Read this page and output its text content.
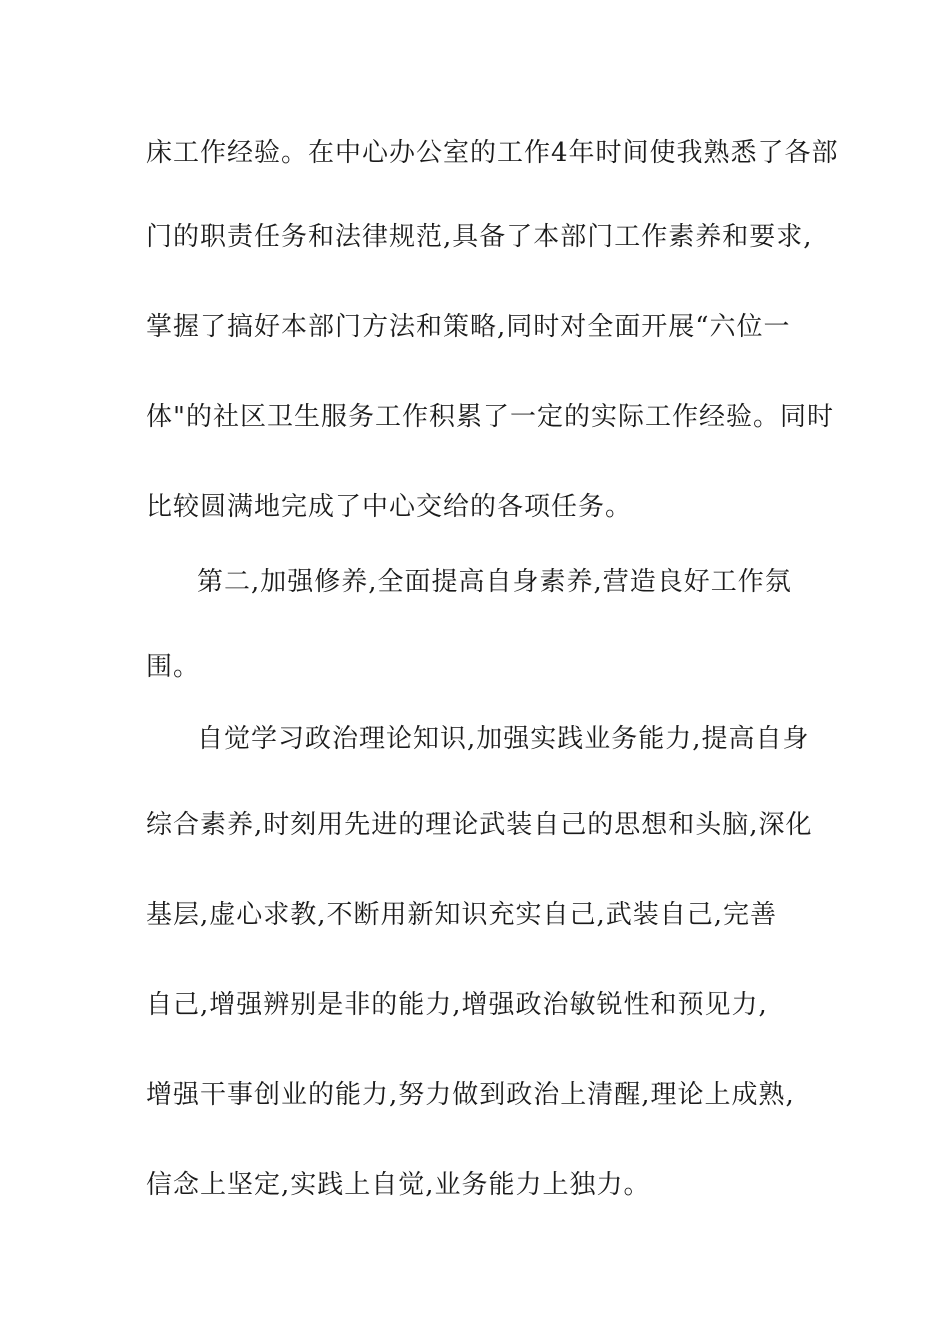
床工作经验。在中心办公室的工作4年时间使我熟悉了各部
门的职责任务和法律规范,具备了本部门工作素养和要求,
掌握了搞好本部门方法和策略,同时对全面开展“六位一
体"的社区卫生服务工作积累了一定的实际工作经验。同时
比较圆满地完成了中心交给的各项任务。
第二,加强修养,全面提高自身素养,营造良好工作氛
围。
自觉学习政治理论知识,加强实践业务能力,提高自身
综合素养,时刻用先进的理论武装自己的思想和头脑,深化
基层,虚心求教,不断用新知识充实自己,武装自己,完善
自己,增强辨别是非的能力,增强政治敏锐性和预见力,
增强干事创业的能力,努力做到政治上清醒,理论上成熟,
信念上坚定,实践上自觉,业务能力上独力。
